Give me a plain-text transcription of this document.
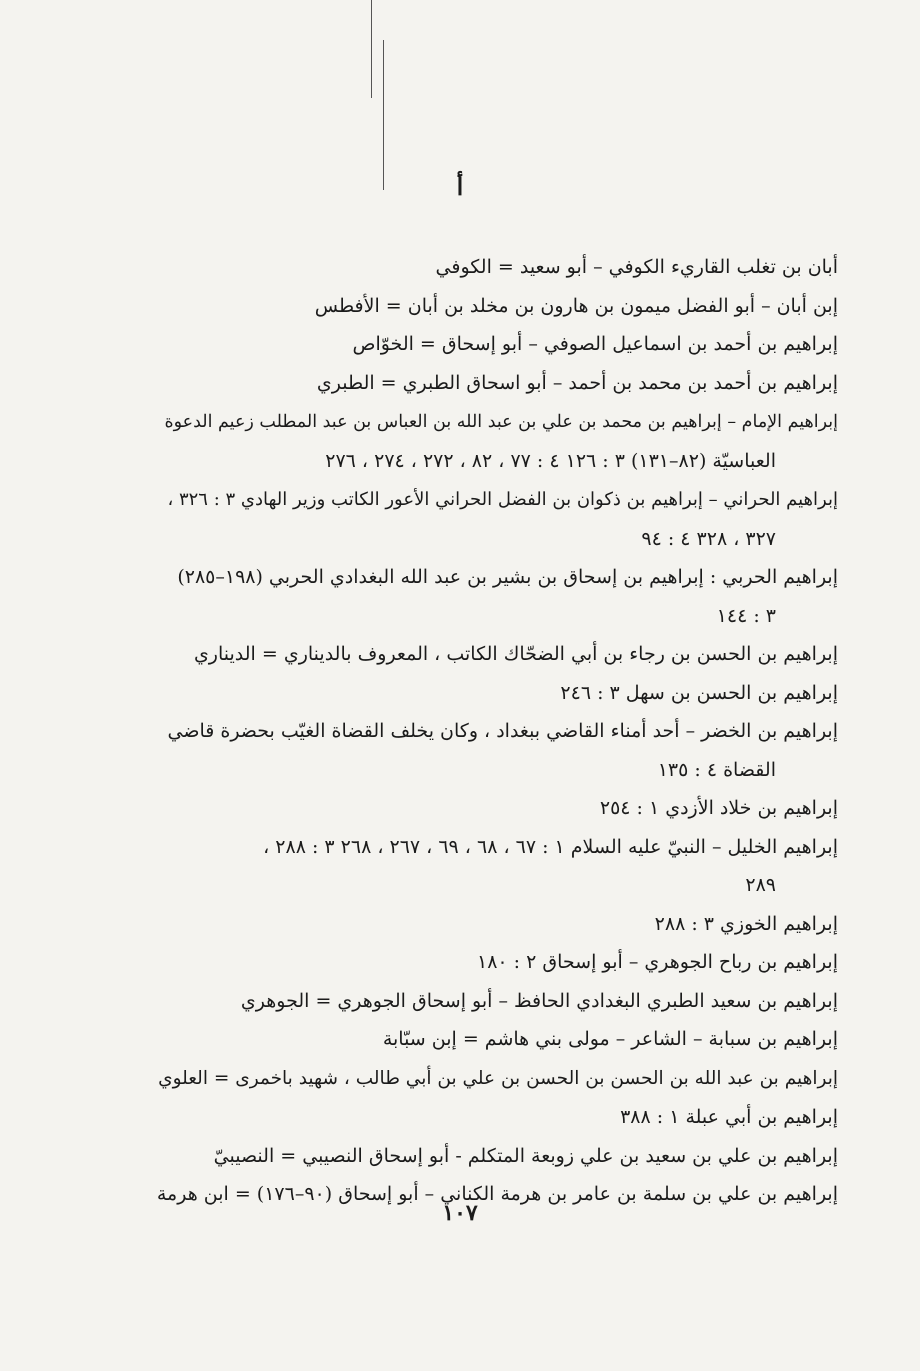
أ
أبان بن تغلب القاريء الكوفي – أبو سعيد = الكوفي
إبن أبان – أبو الفضل ميمون بن هارون بن مخلد بن أبان = الأفطس
إبراهيم بن أحمد بن اسماعيل الصوفي – أبو إسحاق = الخوّاص
إبراهيم بن أحمد بن محمد بن أحمد – أبو اسحاق الطبري = الطبري
إبراهيم الإمام – إبراهيم بن محمد بن علي بن عبد الله بن العباس بن عبد المطلب زعيم الدعوة
العباسيّة (٨٢–١٣١) ٣ : ١٢٦ ٤ : ٧٧ ، ٨٢ ، ٢٧٢ ، ٢٧٤ ، ٢٧٦
إبراهيم الحراني – إبراهيم بن ذكوان بن الفضل الحراني الأعور الكاتب وزير الهادي ٣ : ٣٢٦ ،
٣٢٧ ، ٣٢٨ ٤ : ٩٤
إبراهيم الحربي : إبراهيم بن إسحاق بن بشير بن عبد الله البغدادي الحربي (١٩٨–٢٨٥)
٣ : ١٤٤
إبراهيم بن الحسن بن رجاء بن أبي الضحّاك الكاتب ، المعروف بالديناري = الديناري
إبراهيم بن الحسن بن سهل ٣ : ٢٤٦
إبراهيم بن الخضر – أحد أمناء القاضي ببغداد ، وكان يخلف القضاة الغيّب بحضرة قاضي
القضاة ٤ : ١٣٥
إبراهيم بن خلاد الأزدي ١ : ٢٥٤
إبراهيم الخليل – النبيّ عليه السلام ١ : ٦٧ ، ٦٨ ، ٦٩ ، ٢٦٧ ، ٢٦٨ ٣ : ٢٨٨ ،
٢٨٩
إبراهيم الخوزي ٣ : ٢٨٨
إبراهيم بن رباح الجوهري – أبو إسحاق ٢ : ١٨٠
إبراهيم بن سعيد الطبري البغدادي الحافظ – أبو إسحاق الجوهري = الجوهري
إبراهيم بن سبابة – الشاعر – مولى بني هاشم = إبن سبّابة
إبراهيم بن عبد الله بن الحسن بن الحسن بن علي بن أبي طالب ، شهيد باخمرى = العلوي
إبراهيم بن أبي عبلة ١ : ٣٨٨
إبراهيم بن علي بن سعيد بن علي زوبعة المتكلم - أبو إسحاق النصيبي = النصيبيّ
إبراهيم بن علي بن سلمة بن عامر بن هرمة الكناني – أبو إسحاق (٩٠–١٧٦) = ابن هرمة
١٠٧
